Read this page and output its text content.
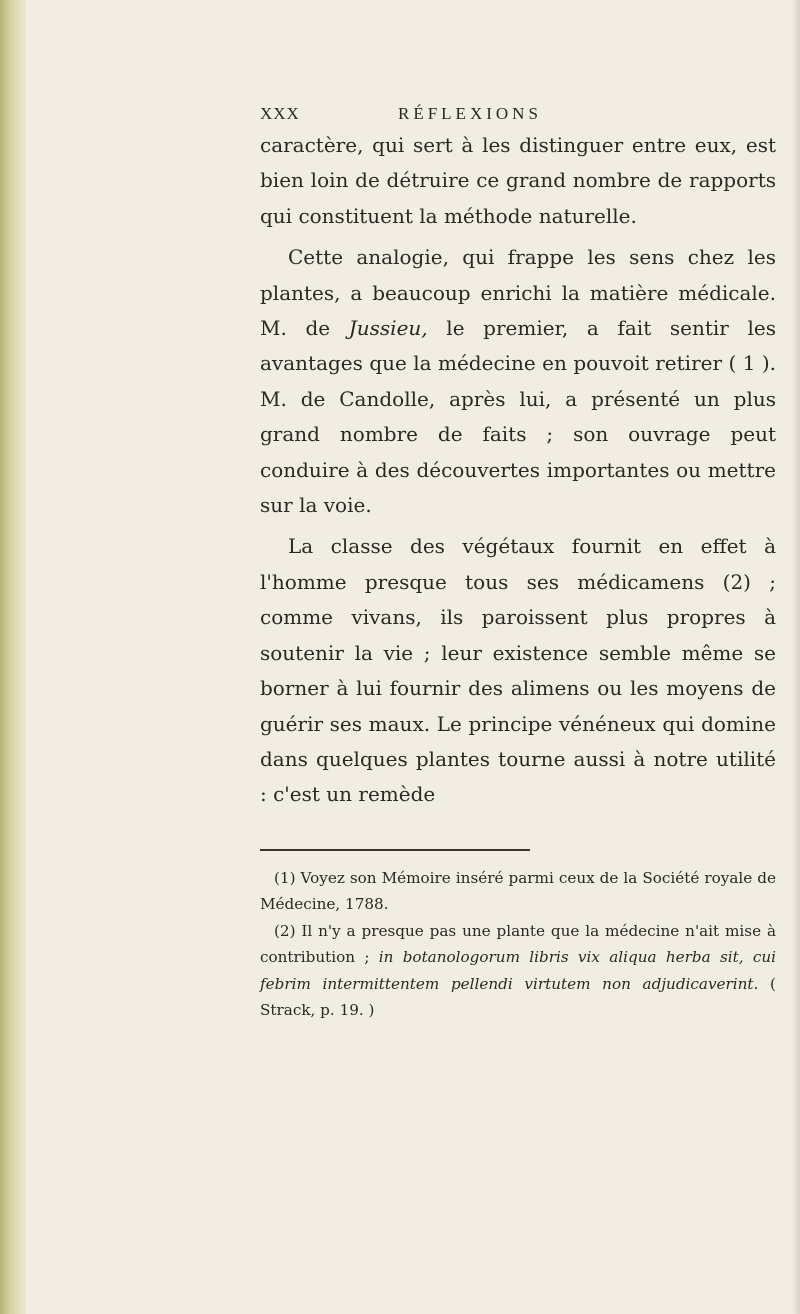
XXX	RÉFLEXIONS

caractère, qui sert à les distinguer entre eux, est bien loin de détruire ce grand nombre de rapports qui constituent la méthode naturelle.

Cette analogie, qui frappe les sens chez les plantes, a beaucoup enrichi la matière médicale. M. de Jussieu, le premier, a fait sentir les avantages que la médecine en pouvoit retirer ( 1 ). M. de Candolle, après lui, a présenté un plus grand nombre de faits ; son ouvrage peut conduire à des découvertes importantes ou mettre sur la voie.

La classe des végétaux fournit en effet à l'homme presque tous ses médicamens (2) ; comme vivans, ils paroissent plus propres à soutenir la vie ; leur existence semble même se borner à lui fournir des alimens ou les moyens de guérir ses maux. Le principe vénéneux qui domine dans quelques plantes tourne aussi à notre utilité : c'est un remède

(1) Voyez son Mémoire inséré parmi ceux de la Société royale de Médecine, 1788.

(2) Il n'y a presque pas une plante que la médecine n'ait mise à contribution ; in botanologorum libris vix aliqua herba sit, cui febrim intermittentem pellendi virtutem non adjudicaverint. ( Strack, p. 19. )
